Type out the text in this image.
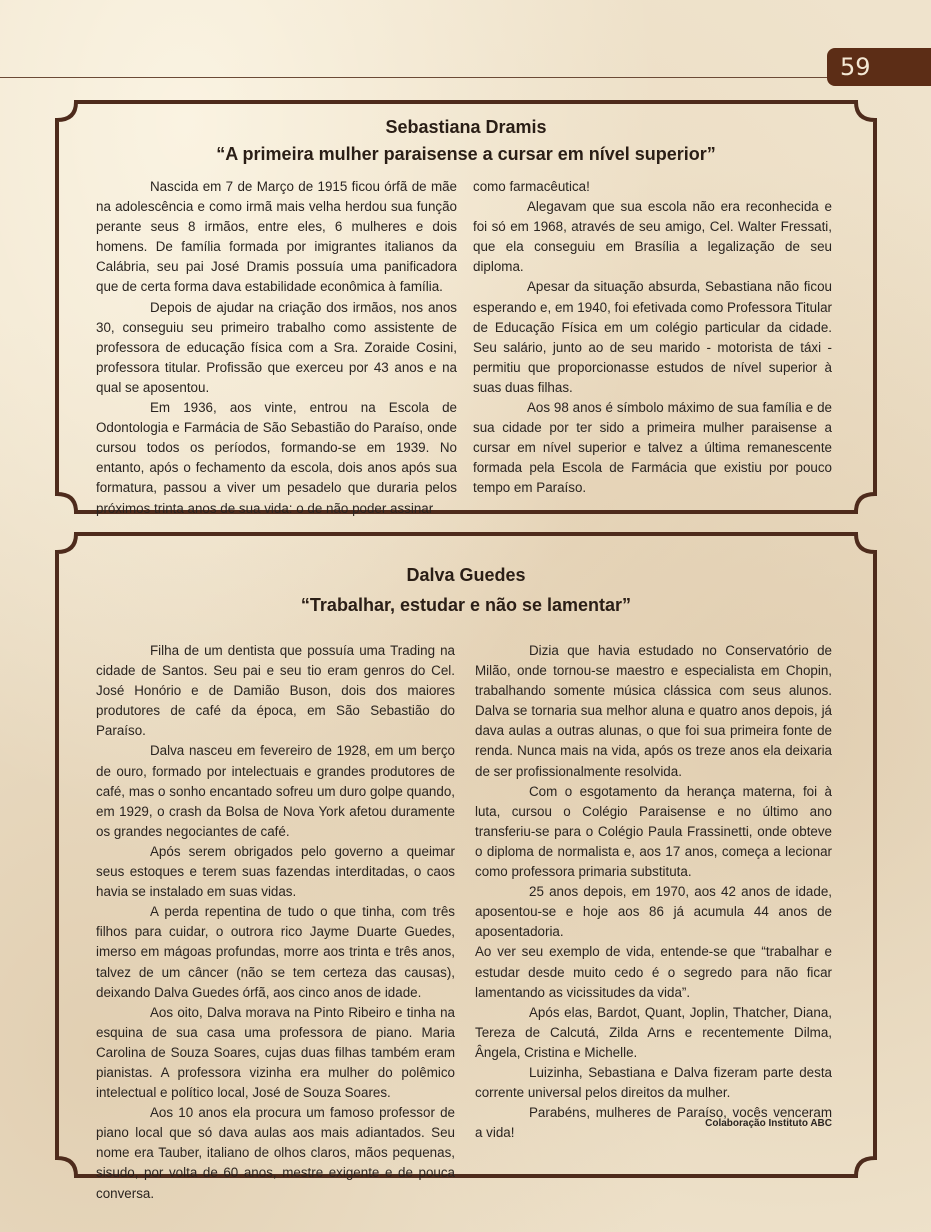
59
Sebastiana Dramis
“A primeira mulher paraisense a cursar em nível superior”

Nascida em 7 de Março de 1915 ficou órfã de mãe na adolescência e como irmã mais velha herdou sua função perante seus 8 irmãos, entre eles, 6 mulheres e dois homens. De família formada por imigrantes italianos da Calábria, seu pai José Dramis possuía uma panificadora que de certa forma dava estabilidade econômica à família.

Depois de ajudar na criação dos irmãos, nos anos 30, conseguiu seu primeiro trabalho como assistente de professora de educação física com a Sra. Zoraide Cosini, professora titular. Profissão que exerceu por 43 anos e na qual se aposentou.

Em 1936, aos vinte, entrou na Escola de Odontologia e Farmácia de São Sebastião do Paraíso, onde cursou todos os períodos, formando-se em 1939. No entanto, após o fechamento da escola, dois anos após sua formatura, passou a viver um pesadelo que duraria pelos próximos trinta anos de sua vida: o de não poder assinar

como farmacêutica!

Alegavam que sua escola não era reconhecida e foi só em 1968, através de seu amigo, Cel. Walter Fressati, que ela conseguiu em Brasília a legalização de seu diploma.

Apesar da situação absurda, Sebastiana não ficou esperando e, em 1940, foi efetivada como Professora Titular de Educação Física em um colégio particular da cidade. Seu salário, junto ao de seu marido - motorista de táxi - permitiu que proporcionasse estudos de nível superior à suas duas filhas.

Aos 98 anos é símbolo máximo de sua família e de sua cidade por ter sido a primeira mulher paraisense a cursar em nível superior e talvez a última remanescente formada pela Escola de Farmácia que existiu por pouco tempo em Paraíso.

Dalva Guedes
“Trabalhar, estudar e não se lamentar”

Filha de um dentista que possuía uma Trading na cidade de Santos. Seu pai e seu tio eram genros do Cel. José Honório e de Damião Buson, dois dos maiores produtores de café da época, em São Sebastião do Paraíso.

Dalva nasceu em fevereiro de 1928, em um berço de ouro, formado por intelectuais e grandes produtores de café, mas o sonho encantado sofreu um duro golpe quando, em 1929, o crash da Bolsa de Nova York afetou duramente os grandes negociantes de café.

Após serem obrigados pelo governo a queimar seus estoques e terem suas fazendas interditadas, o caos havia se instalado em suas vidas.

A perda repentina de tudo o que tinha, com três filhos para cuidar, o outrora rico Jayme Duarte Guedes, imerso em mágoas profundas, morre aos trinta e três anos, talvez de um câncer (não se tem certeza das causas), deixando Dalva Guedes órfã, aos cinco anos de idade.

Aos oito, Dalva morava na Pinto Ribeiro e tinha na esquina de sua casa uma professora de piano. Maria Carolina de Souza Soares, cujas duas filhas também eram pianistas. A professora vizinha era mulher do polêmico intelectual e político local, José de Souza Soares.

Aos 10 anos ela procura um famoso professor de piano local que só dava aulas aos mais adiantados. Seu nome era Tauber, italiano de olhos claros, mãos pequenas, sisudo, por volta de 60 anos, mestre exigente e de pouca conversa.

Dizia que havia estudado no Conservatório de Milão, onde tornou-se maestro e especialista em Chopin, trabalhando somente música clássica com seus alunos. Dalva se tornaria sua melhor aluna e quatro anos depois, já dava aulas a outras alunas, o que foi sua primeira fonte de renda. Nunca mais na vida, após os treze anos ela deixaria de ser profissionalmente resolvida.

Com o esgotamento da herança materna, foi à luta, cursou o Colégio Paraisense e no último ano transferiu-se para o Colégio Paula Frassinetti, onde obteve o diploma de normalista e, aos 17 anos, começa a lecionar como professora primaria substituta.

25 anos depois, em 1970, aos 42 anos de idade, aposentou-se e hoje aos 86 já acumula 44 anos de aposentadoria.

Ao ver seu exemplo de vida, entende-se que “trabalhar e estudar desde muito cedo é o segredo para não ficar lamentando as vicissitudes da vida”.

Após elas, Bardot, Quant, Joplin, Thatcher, Diana, Tereza de Calcutá, Zilda Arns e recentemente Dilma, Ângela, Cristina e Michelle.

Luizinha, Sebastiana e Dalva fizeram parte desta corrente universal pelos direitos da mulher.

Parabéns, mulheres de Paraíso, vocês venceram a vida!

Colaboração Instituto ABC
